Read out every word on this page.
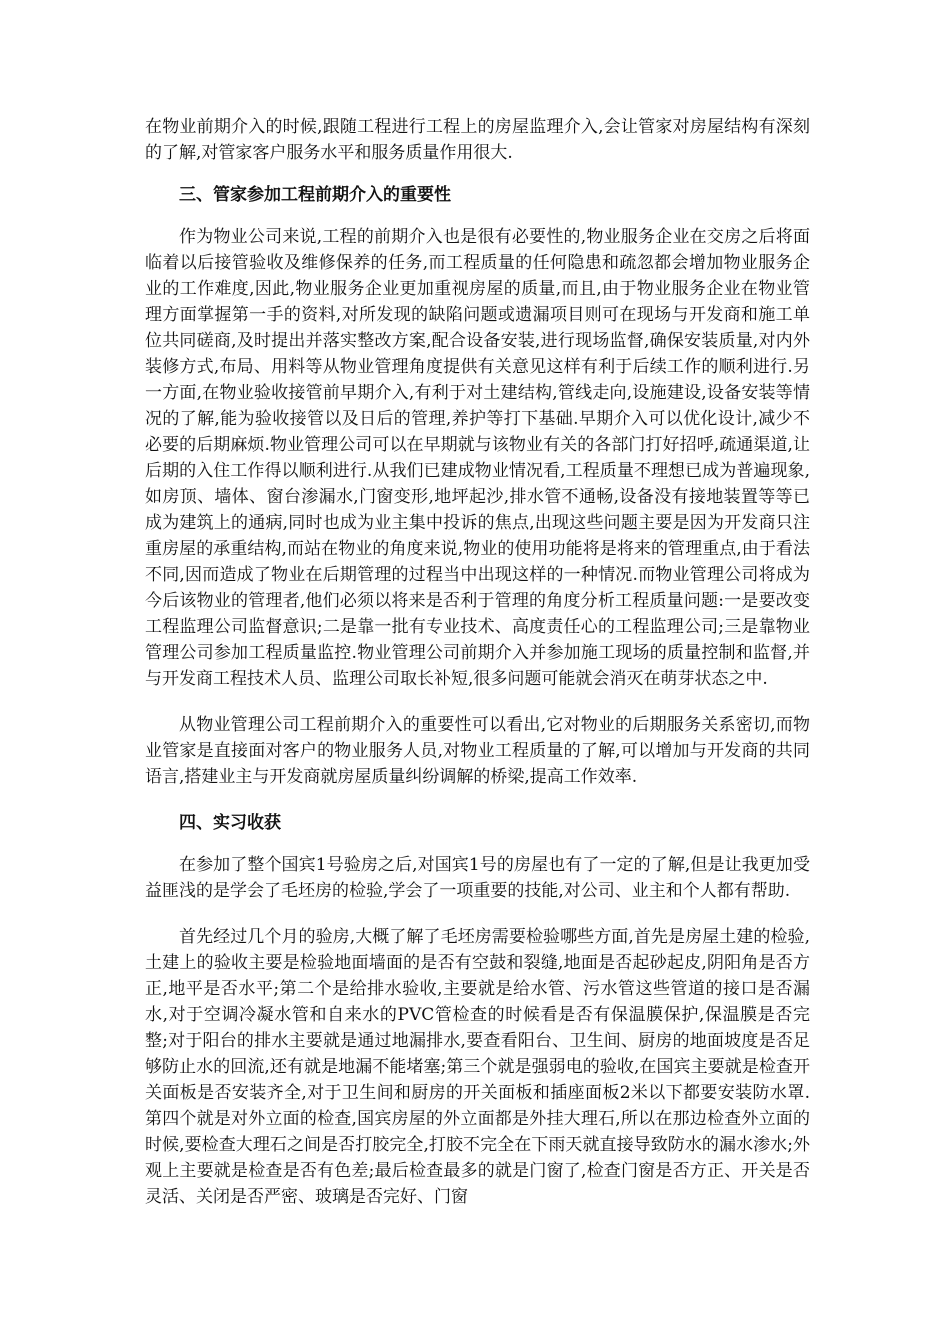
在物业前期介入的时候,跟随工程进行工程上的房屋监理介入,会让管家对房屋结构有深刻的了解,对管家客户服务水平和服务质量作用很大.

三、管家参加工程前期介入的重要性

作为物业公司来说,工程的前期介入也是很有必要性的,物业服务企业在交房之后将面临着以后接管验收及维修保养的任务,而工程质量的任何隐患和疏忽都会增加物业服务企业的工作难度,因此,物业服务企业更加重视房屋的质量,而且,由于物业服务企业在物业管理方面掌握第一手的资料,对所发现的缺陷问题或遗漏项目则可在现场与开发商和施工单位共同磋商,及时提出并落实整改方案,配合设备安装,进行现场监督,确保安装质量,对内外装修方式,布局、用料等从物业管理角度提供有关意见这样有利于后续工作的顺利进行.另一方面,在物业验收接管前早期介入,有利于对土建结构,管线走向,设施建设,设备安装等情况的了解,能为验收接管以及日后的管理,养护等打下基础.早期介入可以优化设计,减少不必要的后期麻烦.物业管理公司可以在早期就与该物业有关的各部门打好招呼,疏通渠道,让后期的入住工作得以顺利进行.从我们已建成物业情况看,工程质量不理想已成为普遍现象,如房顶、墙体、窗台渗漏水,门窗变形,地坪起沙,排水管不通畅,设备没有接地装置等等已成为建筑上的通病,同时也成为业主集中投诉的焦点,出现这些问题主要是因为开发商只注重房屋的承重结构,而站在物业的角度来说,物业的使用功能将是将来的管理重点,由于看法不同,因而造成了物业在后期管理的过程当中出现这样的一种情况.而物业管理公司将成为今后该物业的管理者,他们必须以将来是否利于管理的角度分析工程质量问题:一是要改变工程监理公司监督意识;二是靠一批有专业技术、高度责任心的工程监理公司;三是靠物业管理公司参加工程质量监控.物业管理公司前期介入并参加施工现场的质量控制和监督,并与开发商工程技术人员、监理公司取长补短,很多问题可能就会消灭在萌芽状态之中.

从物业管理公司工程前期介入的重要性可以看出,它对物业的后期服务关系密切,而物业管家是直接面对客户的物业服务人员,对物业工程质量的了解,可以增加与开发商的共同语言,搭建业主与开发商就房屋质量纠纷调解的桥梁,提高工作效率.

四、实习收获

在参加了整个国宾1号验房之后,对国宾1号的房屋也有了一定的了解,但是让我更加受益匪浅的是学会了毛坯房的检验,学会了一项重要的技能,对公司、业主和个人都有帮助.

首先经过几个月的验房,大概了解了毛坯房需要检验哪些方面,首先是房屋土建的检验,土建上的验收主要是检验地面墙面的是否有空鼓和裂缝,地面是否起砂起皮,阴阳角是否方正,地平是否水平;第二个是给排水验收,主要就是给水管、污水管这些管道的接口是否漏水,对于空调冷凝水管和自来水的PVC管检查的时候看是否有保温膜保护,保温膜是否完整;对于阳台的排水主要就是通过地漏排水,要查看阳台、卫生间、厨房的地面坡度是否足够防止水的回流,还有就是地漏不能堵塞;第三个就是强弱电的验收,在国宾主要就是检查开关面板是否安装齐全,对于卫生间和厨房的开关面板和插座面板2米以下都要安装防水罩.第四个就是对外立面的检查,国宾房屋的外立面都是外挂大理石,所以在那边检查外立面的时候,要检查大理石之间是否打胶完全,打胶不完全在下雨天就直接导致防水的漏水渗水;外观上主要就是检查是否有色差;最后检查最多的就是门窗了,检查门窗是否方正、开关是否灵活、关闭是否严密、玻璃是否完好、门窗
